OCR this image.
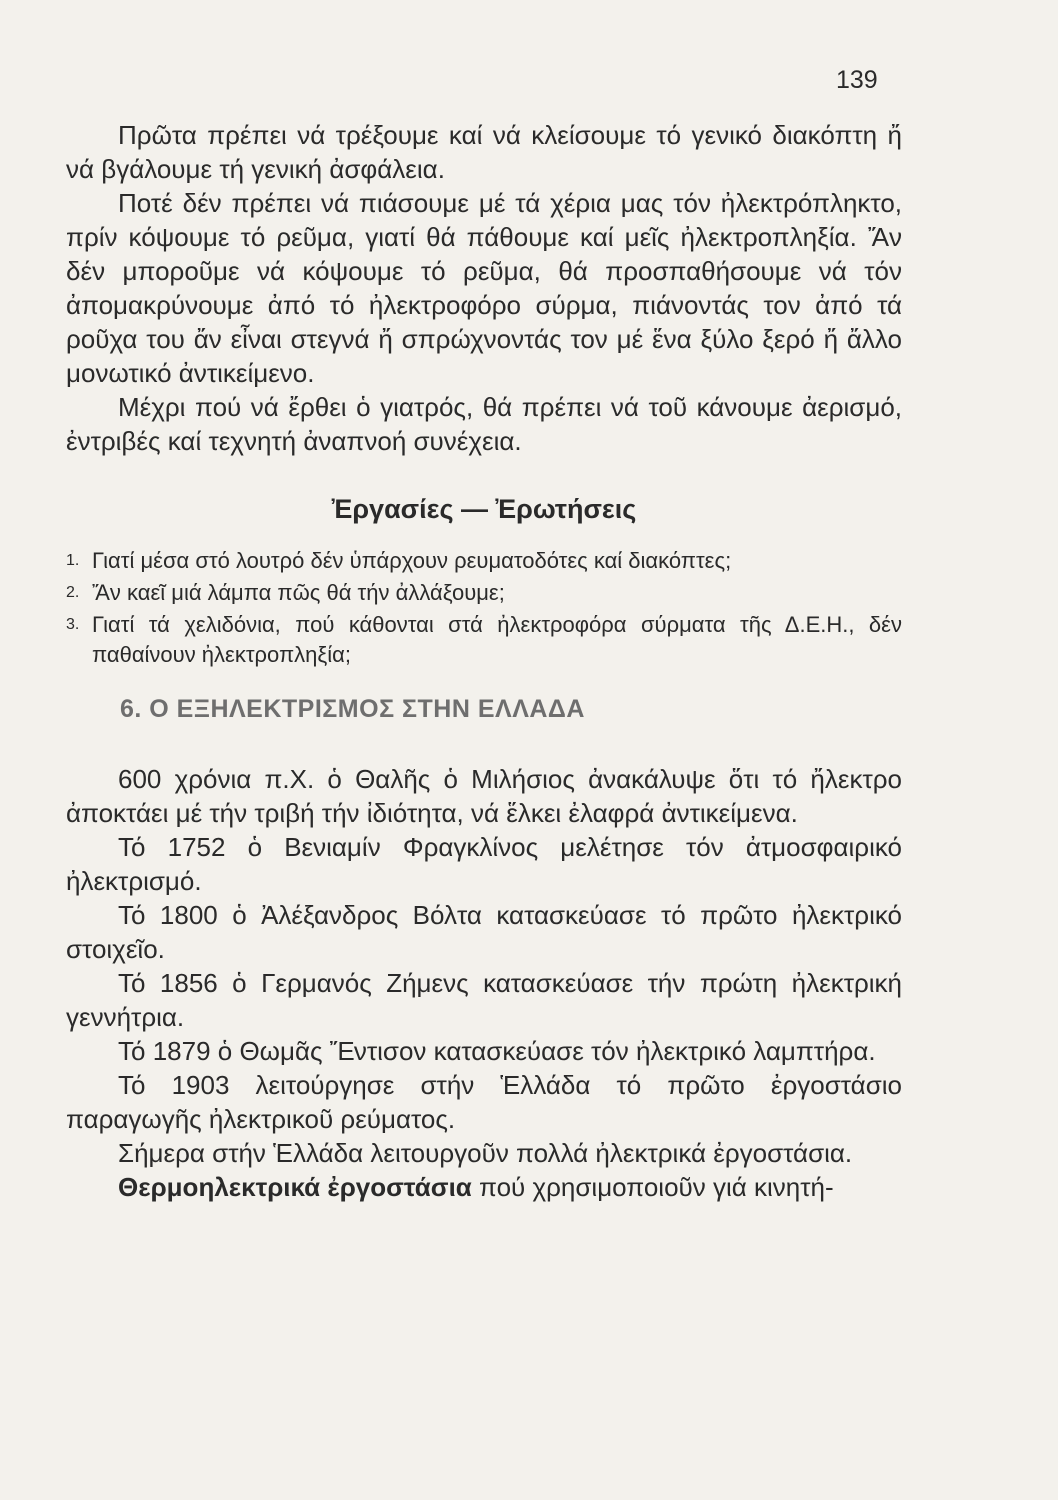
139

Πρῶτα πρέπει νά τρέξουμε καί νά κλείσουμε τό γενικό διακόπτη ἤ νά βγάλουμε τή γενική ἀσφάλεια.

Ποτέ δέν πρέπει νά πιάσουμε μέ τά χέρια μας τόν ἠλεκτρόπληκτο, πρίν κόψουμε τό ρεῦμα, γιατί θά πάθουμε καί μεῖς ἠλεκτροπληξία. Ἄν δέν μποροῦμε νά κόψουμε τό ρεῦμα, θά προσπαθήσουμε νά τόν ἀπομακρύνουμε ἀπό τό ἠλεκτροφόρο σύρμα, πιάνοντάς τον ἀπό τά ροῦχα του ἄν εἶναι στεγνά ἤ σπρώχνοντάς τον μέ ἕνα ξύλο ξερό ἤ ἄλλο μονωτικό ἀντικείμενο.

Μέχρι πού νά ἔρθει ὁ γιατρός, θά πρέπει νά τοῦ κάνουμε ἀερισμό, ἐντριβές καί τεχνητή ἀναπνοή συνέχεια.

Ἐργασίες — Ἐρωτήσεις
1. Γιατί μέσα στό λουτρό δέν ὑπάρχουν ρευματοδότες καί διακόπτες;
2. Ἄν καεῖ μιά λάμπα πῶς θά τήν ἀλλάξουμε;
3. Γιατί τά χελιδόνια, πού κάθονται στά ἠλεκτροφόρα σύρματα τῆς Δ.Ε.Η., δέν παθαίνουν ἠλεκτροπληξία;
6. Ο ΕΞΗΛΕΚΤΡΙΣΜΟΣ ΣΤΗΝ ΕΛΛΑΔΑ

600 χρόνια π.Χ. ὁ Θαλῆς ὁ Μιλήσιος ἀνακάλυψε ὅτι τό ἤλεκτρο ἀποκτάει μέ τήν τριβή τήν ἰδιότητα, νά ἕλκει ἐλαφρά ἀντικείμενα.

Τό 1752 ὁ Βενιαμίν Φραγκλίνος μελέτησε τόν ἀτμοσφαιρικό ἠλεκτρισμό.

Τό 1800 ὁ Ἀλέξανδρος Βόλτα κατασκεύασε τό πρῶτο ἠλεκτρικό στοιχεῖο.

Τό 1856 ὁ Γερμανός Ζήμενς κατασκεύασε τήν πρώτη ἠλεκτρική γεννήτρια.

Τό 1879 ὁ Θωμᾶς Ἔντισον κατασκεύασε τόν ἠλεκτρικό λαμπτήρα.

Τό 1903 λειτούργησε στήν Ἑλλάδα τό πρῶτο ἐργοστάσιο παραγωγῆς ἠλεκτρικοῦ ρεύματος.

Σήμερα στήν Ἑλλάδα λειτουργοῦν πολλά ἠλεκτρικά ἐργοστάσια.

Θερμοηλεκτρικά ἐργοστάσια πού χρησιμοποιοῦν γιά κινητή-
